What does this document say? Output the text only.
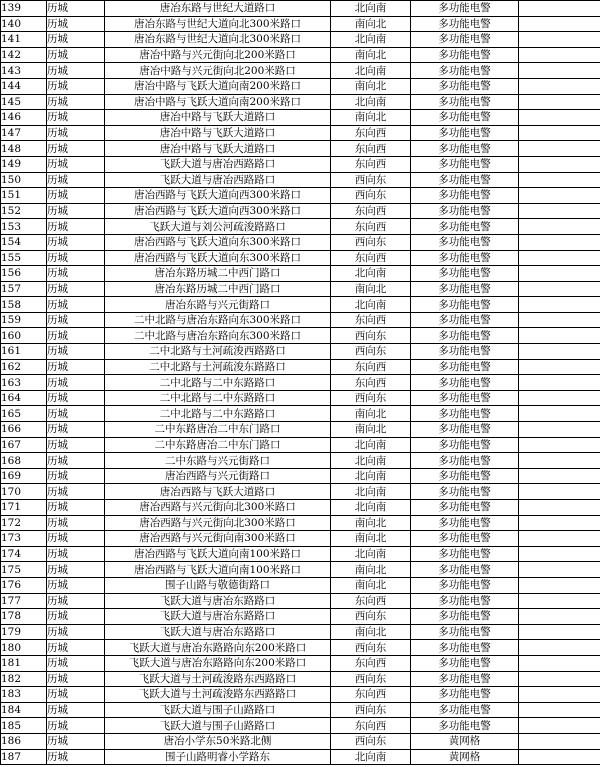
139	历城	唐冶东路与世纪大道路口	北向南	多功能电警	
140	历城	唐冶东路与世纪大道向北300米路口	南向北	多功能电警	
141	历城	唐冶东路与世纪大道向北300米路口	北向南	多功能电警	
142	历城	唐冶中路与兴元街向北200米路口	南向北	多功能电警	
143	历城	唐冶中路与兴元街向北200米路口	北向南	多功能电警	
144	历城	唐冶中路与飞跃大道向南200米路口	南向北	多功能电警	
145	历城	唐冶中路与飞跃大道向南200米路口	北向南	多功能电警	
146	历城	唐冶中路与飞跃大道路口	南向北	多功能电警	
147	历城	唐冶中路与飞跃大道路口	东向西	多功能电警	
148	历城	唐冶中路与飞跃大道路口	东向西	多功能电警	
149	历城	飞跃大道与唐冶西路路口	东向西	多功能电警	
150	历城	飞跃大道与唐冶西路路口	西向东	多功能电警	
151	历城	唐冶西路与飞跃大道向西300米路口	西向东	多功能电警	
152	历城	唐冶西路与飞跃大道向西300米路口	东向西	多功能电警	
153	历城	飞跃大道与刘公河疏浚路路口	东向西	多功能电警	
154	历城	唐冶西路与飞跃大道向东300米路口	西向东	多功能电警	
155	历城	唐冶西路与飞跃大道向东300米路口	东向西	多功能电警	
156	历城	唐冶东路历城二中西门路口	北向南	多功能电警	
157	历城	唐冶东路历城二中西门路口	南向北	多功能电警	
158	历城	唐冶东路与兴元街路口	北向南	多功能电警	
159	历城	二中北路与唐冶东路向东300米路口	东向西	多功能电警	
160	历城	二中北路与唐冶东路向东300米路口	西向东	多功能电警	
161	历城	二中北路与土河疏浚西路路口	西向东	多功能电警	
162	历城	二中北路与土河疏浚东路路口	东向西	多功能电警	
163	历城	二中北路与二中东路路口	东向西	多功能电警	
164	历城	二中北路与二中东路路口	西向东	多功能电警	
165	历城	二中北路与二中东路路口	南向北	多功能电警	
166	历城	二中东路唐冶二中东门路口	南向北	多功能电警	
167	历城	二中东路唐冶二中东门路口	北向南	多功能电警	
168	历城	二中东路与兴元街路口	北向南	多功能电警	
169	历城	唐冶西路与兴元街路口	北向南	多功能电警	
170	历城	唐冶西路与飞跃大道路口	北向南	多功能电警	
171	历城	唐冶西路与兴元街向北300米路口	北向南	多功能电警	
172	历城	唐冶西路与兴元街向北300米路口	南向北	多功能电警	
173	历城	唐冶西路与兴元街向南300米路口	南向北	多功能电警	
174	历城	唐冶西路与飞跃大道向南100米路口	北向南	多功能电警	
175	历城	唐冶西路与飞跃大道向南100米路口	南向北	多功能电警	
176	历城	围子山路与敬德街路口	南向北	多功能电警	
177	历城	飞跃大道与唐冶东路路口	东向西	多功能电警	
178	历城	飞跃大道与唐冶东路路口	西向东	多功能电警	
179	历城	飞跃大道与唐冶东路路口	南向北	多功能电警	
180	历城	飞跃大道与唐冶东路路向东200米路口	西向东	多功能电警	
181	历城	飞跃大道与唐冶东路路向东200米路口	东向西	多功能电警	
182	历城	飞跃大道与土河疏浚路东西路路口	西向东	多功能电警	
183	历城	飞跃大道与土河疏浚路东西路路口	东向西	多功能电警	
184	历城	飞跃大道与围子山路路口	西向东	多功能电警	
185	历城	飞跃大道与围子山路路口	东向西	多功能电警	
186	历城	唐冶小学东50米路北侧	西向东	黄网格	
187	历城	围子山路明睿小学路东	北向南	黄网格	
